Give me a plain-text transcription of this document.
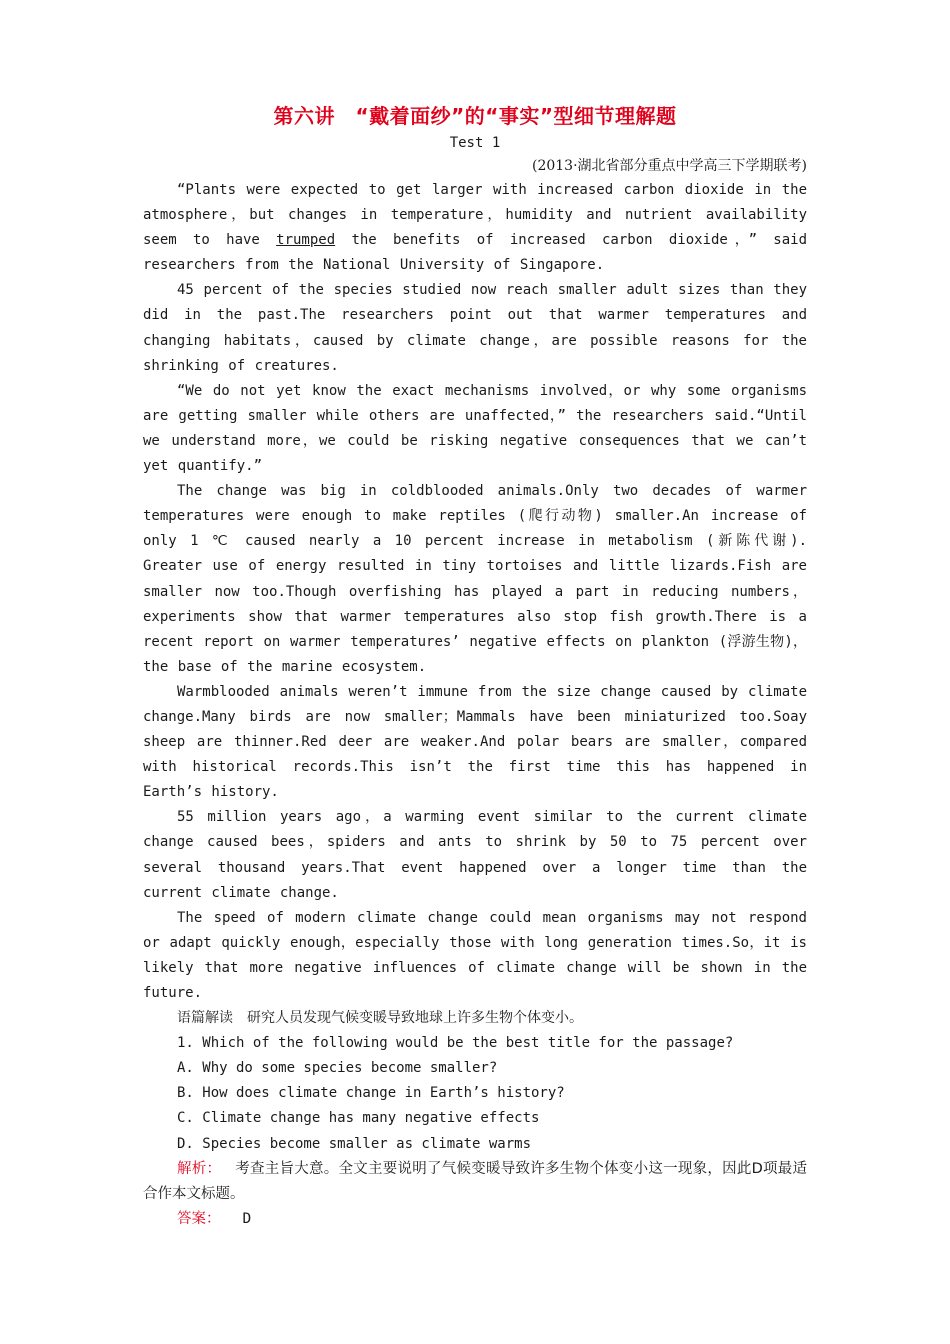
第六讲　“戴着面纱”的“事实”型细节理解题
Test 1
(2013·湖北省部分重点中学高三下学期联考)

“Plants were expected to get larger with increased carbon dioxide in the atmosphere，but changes in temperature，humidity and nutrient availability seem to have trumped the benefits of increased carbon dioxide，” said researchers from the National University of Singapore.

45 percent of the species studied now reach smaller adult sizes than they did in the past.The researchers point out that warmer temperatures and changing habitats，caused by climate change，are possible reasons for the shrinking of creatures.

“We do not yet know the exact mechanisms involved，or why some organisms are getting smaller while others are unaffected，” the researchers said.“Until we understand more，we could be risking negative consequences that we can’t yet quantify.”

The change was big in coldblooded animals.Only two decades of warmer temperatures were enough to make reptiles (爬行动物) smaller.An increase of only 1 ℃ caused nearly a 10 percent increase in metabolism (新陈代谢). Greater use of energy resulted in tiny tortoises and little lizards.Fish are smaller now too.Though overfishing has played a part in reducing numbers，experiments show that warmer temperatures also stop fish growth.There is a recent report on warmer temperatures’ negative effects on plankton (浮游生物)，the base of the marine ecosystem.

Warmblooded animals weren’t immune from the size change caused by climate change.Many birds are now smaller；Mammals have been miniaturized too.Soay sheep are thinner.Red deer are weaker.And polar bears are smaller，compared with historical records.This isn’t the first time this has happened in Earth’s history.

55 million years ago，a warming event similar to the current climate change caused bees，spiders and ants to shrink by 50 to 75 percent over several thousand years.That event happened over a longer time than the current climate change.

The speed of modern climate change could mean organisms may not respond or adapt quickly enough，especially those with long generation times.So，it is likely that more negative influences of climate change will be shown in the future.

语篇解读 研究人员发现气候变暖导致地球上许多生物个体变小。

1. Which of the following would be the best title for the passage?

A. Why do some species become smaller?

B. How does climate change in Earth’s history?

C. Climate change has many negative effects

D. Species become smaller as climate warms

解析： 考查主旨大意。全文主要说明了气候变暖导致许多生物个体变小这一现象，因此D项最适合作本文标题。

答案： D
